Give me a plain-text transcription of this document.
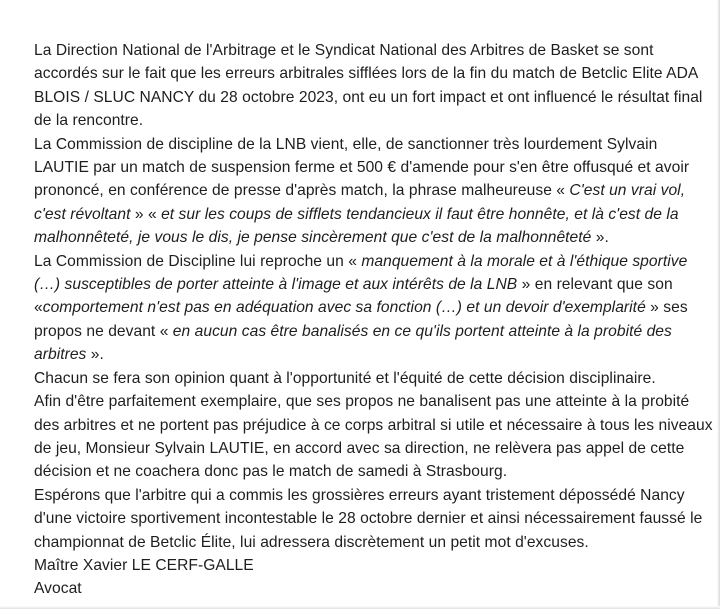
La Direction National de l'Arbitrage et le Syndicat National des Arbitres de Basket se sont accordés sur le fait que les erreurs arbitrales sifflées lors de la fin du match de Betclic Elite ADA BLOIS / SLUC NANCY du 28 octobre 2023, ont eu un fort impact et ont influencé le résultat final de la rencontre.

La Commission de discipline de la LNB vient, elle, de sanctionner très lourdement Sylvain LAUTIE par un match de suspension ferme et 500 € d'amende pour s'en être offusqué et avoir prononcé, en conférence de presse d'après match, la phrase malheureuse « C'est un vrai vol, c'est révoltant » « et sur les coups de sifflets tendancieux il faut être honnête, et là c'est de la malhonnêteté, je vous le dis, je pense sincèrement que c'est de la malhonnêteté ».

La Commission de Discipline lui reproche un « manquement à la morale et à l'éthique sportive (…) susceptibles de porter atteinte à l'image et aux intérêts de la LNB » en relevant que son «comportement n'est pas en adéquation avec sa fonction (…) et un devoir d'exemplarité » ses propos ne devant « en aucun cas être banalisés en ce qu'ils portent atteinte à la probité des arbitres ».

Chacun se fera son opinion quant à l'opportunité et l'équité de cette décision disciplinaire.

Afin d'être parfaitement exemplaire, que ses propos ne banalisent pas une atteinte à la probité des arbitres et ne portent pas préjudice à ce corps arbitral si utile et nécessaire à tous les niveaux de jeu, Monsieur Sylvain LAUTIE, en accord avec sa direction, ne relèvera pas appel de cette décision et ne coachera donc pas le match de samedi à Strasbourg.

Espérons que l'arbitre qui a commis les grossières erreurs ayant tristement dépossédé Nancy d'une victoire sportivement incontestable le 28 octobre dernier et ainsi nécessairement faussé le championnat de Betclic Élite, lui adressera discrètement un petit mot d'excuses.

Maître Xavier LE CERF-GALLE

Avocat
